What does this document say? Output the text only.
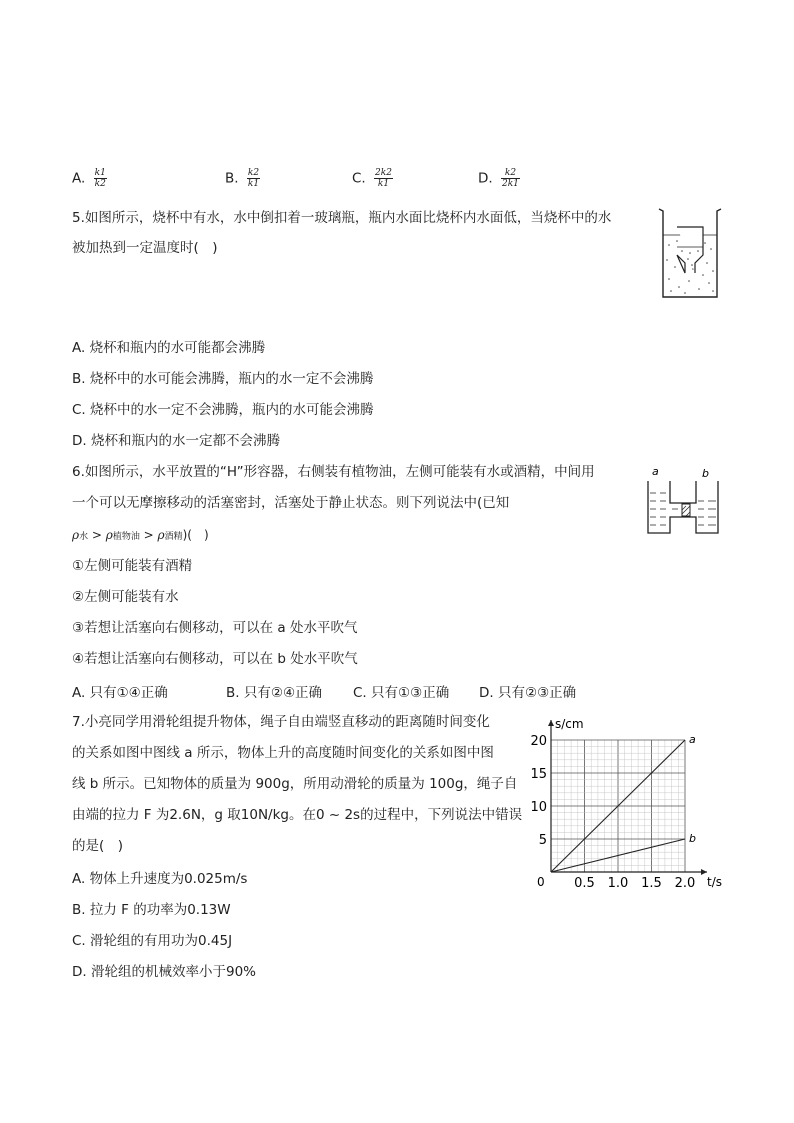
A. $\frac{k1}{k2}$	B. $\frac{k2}{k1}$	C. $\frac{2k2}{k1}$	D. $\frac{k2}{2k1}$
5.如图所示，烧杯中有水，水中倒扣着一玻璃瓶，瓶内水面比烧杯内水面低，当烧杯中的水
被加热到一定温度时(　)
A. 烧杯和瓶内的水可能都会沸腾
B. 烧杯中的水可能会沸腾，瓶内的水一定不会沸腾
C. 烧杯中的水一定不会沸腾，瓶内的水可能会沸腾
D. 烧杯和瓶内的水一定都不会沸腾
6.如图所示，水平放置的“H”形容器，右侧装有植物油，左侧可能装有水或酒精，中间用
一个可以无摩擦移动的活塞密封，活塞处于静止状态。则下列说法中(已知
ρ水 > ρ植物油 > ρ酒精)(　)
a	b
①左侧可能装有酒精
②左侧可能装有水
③若想让活塞向右侧移动，可以在 a 处水平吹气
④若想让活塞向右侧移动，可以在 b 处水平吹气
A. 只有①④正确	B. 只有②④正确 C. 只有①③正确 D. 只有②③正确
7.小亮同学用滑轮组提升物体，绳子自由端竖直移动的距离随时间变化
的关系如图中图线 a 所示，物体上升的高度随时间变化的关系如图中图
线 b 所示。已知物体的质量为 900g，所用动滑轮的质量为 100g，绳子自
由端的拉力 F 为2.6N，g 取10N/kg。在0 ~ 2s的过程中，下列说法中错误
的是(　)
A. 物体上升速度为0.025m/s
B. 拉力 F 的功率为0.13W
C. 滑轮组的有用功为0.45J
D. 滑轮组的机械效率小于90%
s/cm
t/s
0 0.5 1.0 1.5 2.0
5
10
15
20	a
b
